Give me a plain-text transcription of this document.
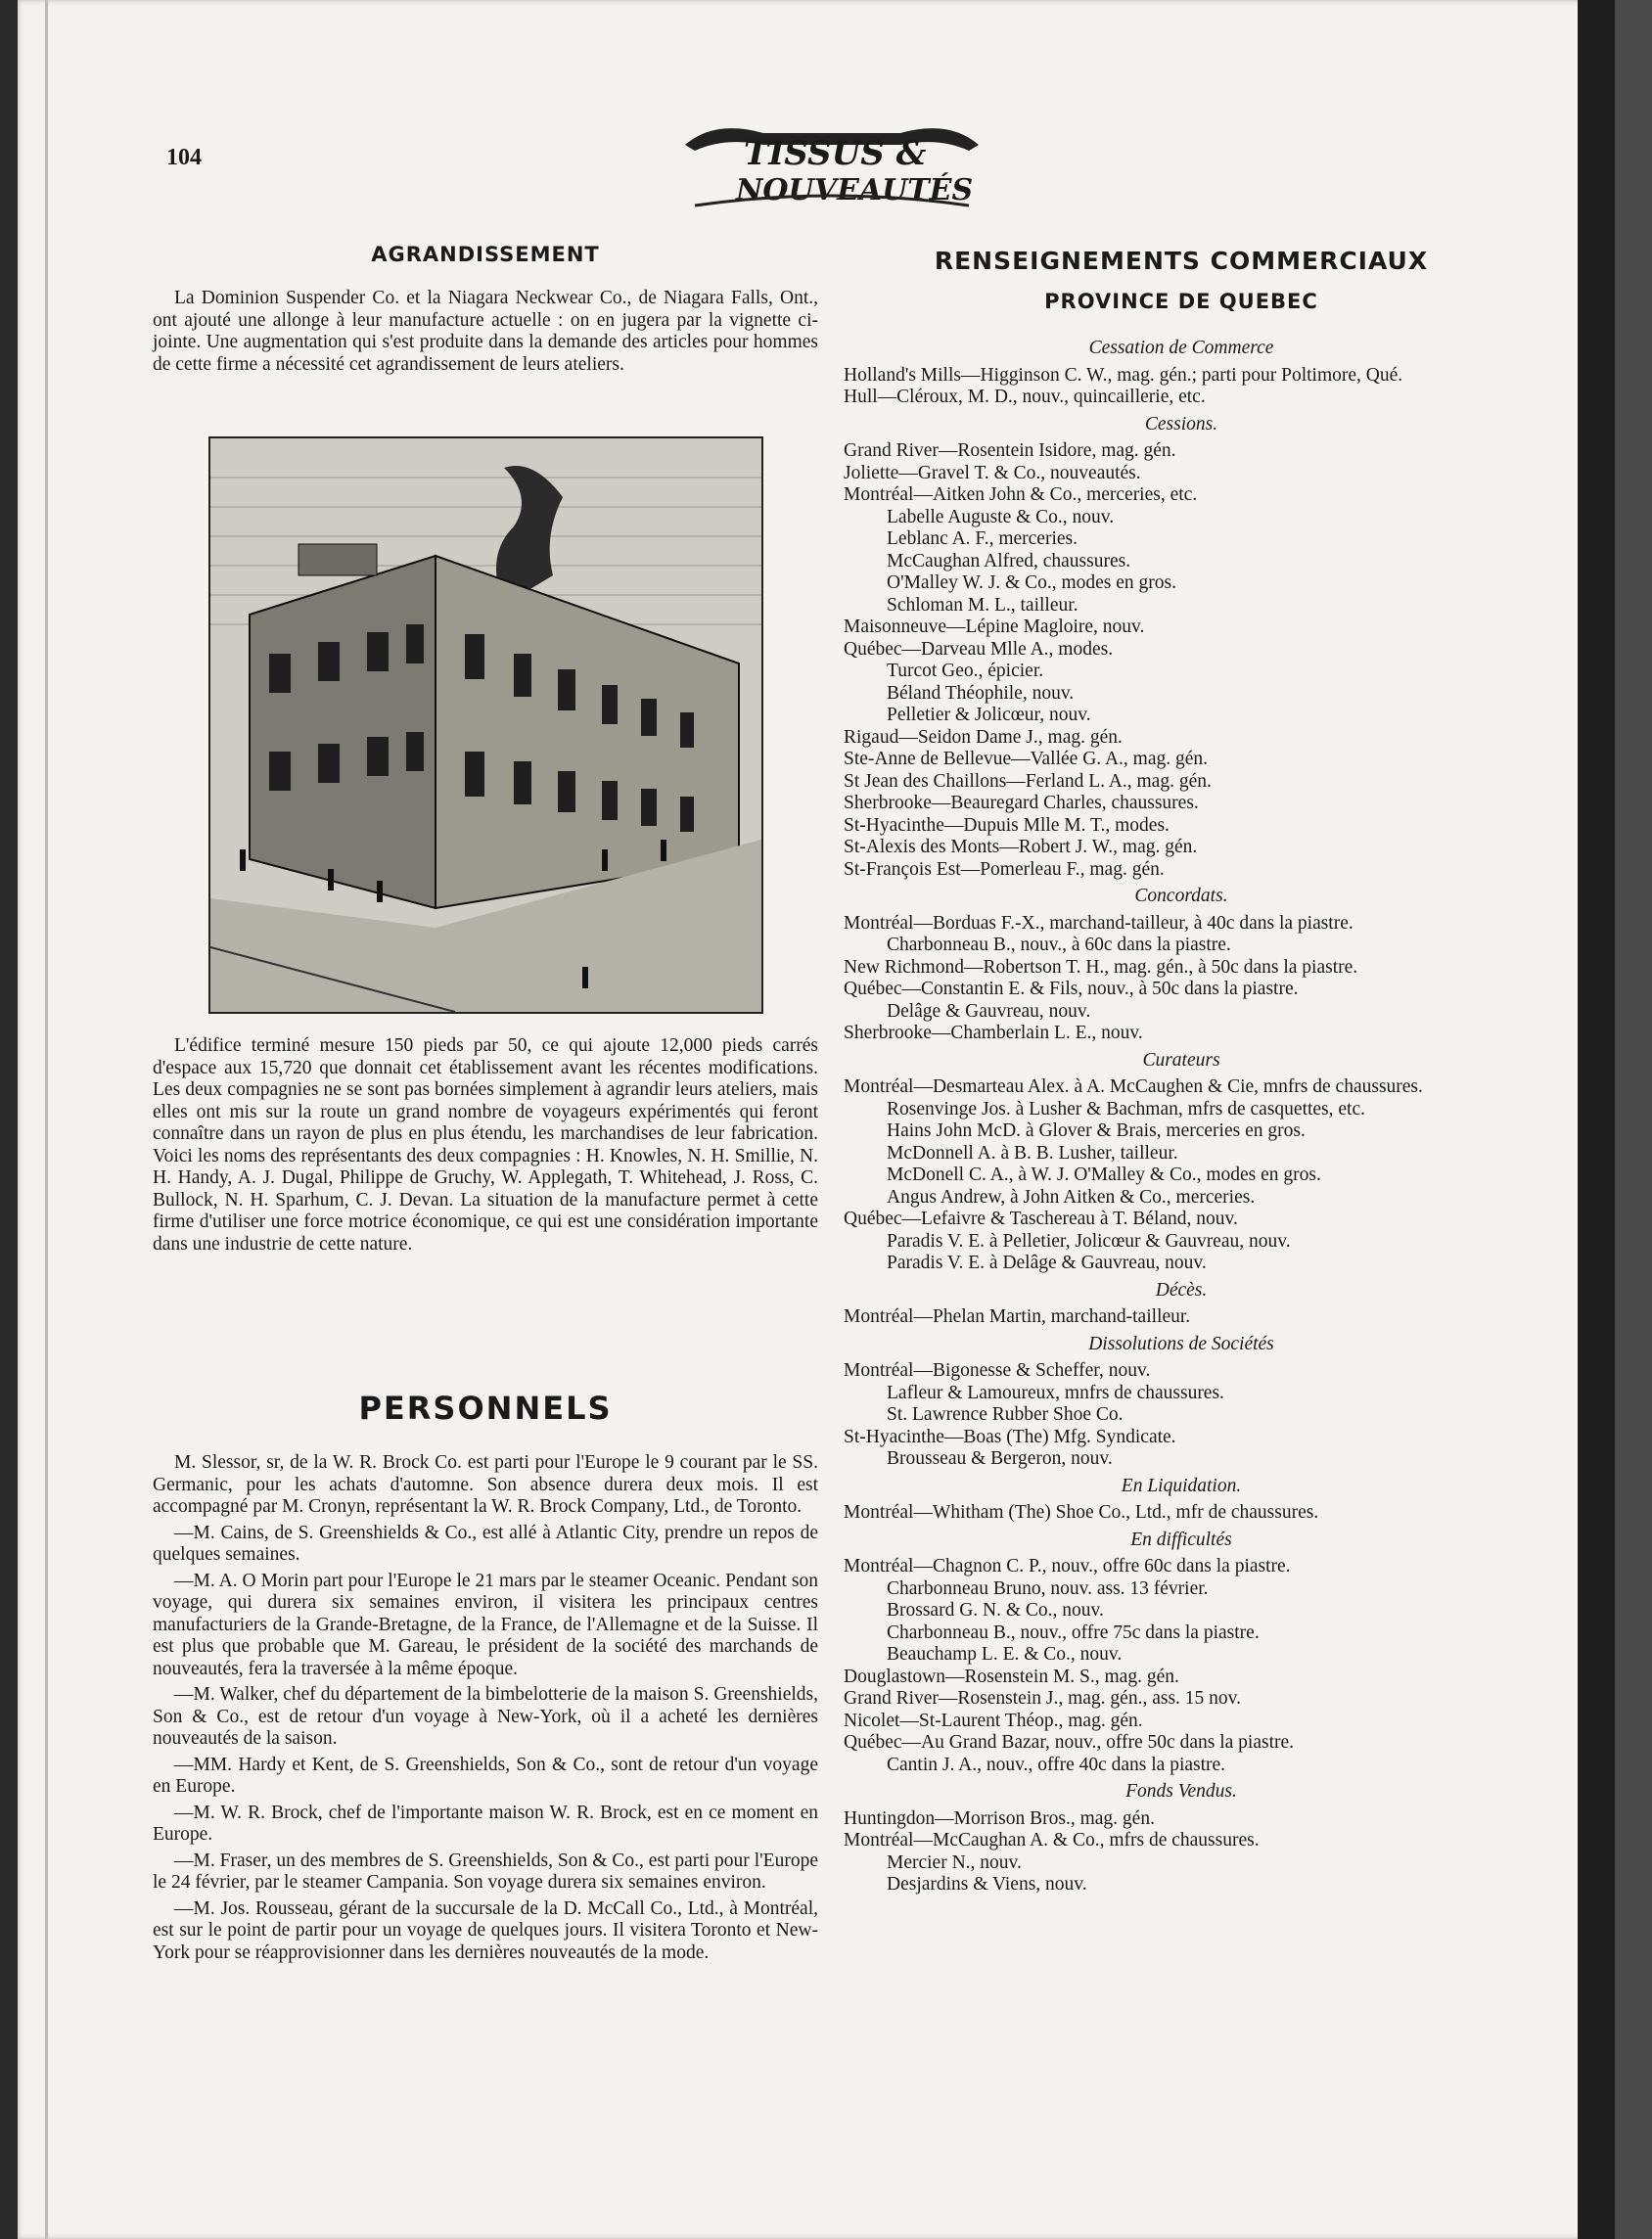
104	TISSUS &
NOUVEAUTÉS
AGRANDISSEMENT

La Dominion Suspender Co. et la Niagara Neckwear Co., de Niagara Falls, Ont., ont ajouté une allonge à leur manufacture actuelle : on en jugera par la vignette ci-jointe. Une augmentation qui s'est produite dans la demande des articles pour hommes de cette firme a nécessité cet agrandissement de leurs ateliers.

L'édifice terminé mesure 150 pieds par 50, ce qui ajoute 12,000 pieds carrés d'espace aux 15,720 que donnait cet établissement avant les récentes modifications. Les deux compagnies ne se sont pas bornées simplement à agrandir leurs ateliers, mais elles ont mis sur la route un grand nombre de voyageurs expérimentés qui feront connaître dans un rayon de plus en plus étendu, les marchandises de leur fabrication. Voici les noms des représentants des deux compagnies : H. Knowles, N. H. Smillie, N. H. Handy, A. J. Dugal, Philippe de Gruchy, W. Applegath, T. Whitehead, J. Ross, C. Bullock, N. H. Sparhum, C. J. Devan. La situation de la manufacture permet à cette firme d'utiliser une force motrice économique, ce qui est une considération importante dans une industrie de cette nature.

PERSONNELS

M. Slessor, sr, de la W. R. Brock Co. est parti pour l'Europe le 9 courant par le SS. Germanic, pour les achats d'automne. Son absence durera deux mois. Il est accompagné par M. Cronyn, représentant la W. R. Brock Company, Ltd., de Toronto.

—M. Cains, de S. Greenshields & Co., est allé à Atlantic City, prendre un repos de quelques semaines.

—M. A. O Morin part pour l'Europe le 21 mars par le steamer Oceanic. Pendant son voyage, qui durera six semaines environ, il visitera les principaux centres manufacturiers de la Grande-Bretagne, de la France, de l'Allemagne et de la Suisse. Il est plus que probable que M. Gareau, le président de la société des marchands de nouveautés, fera la traversée à la même époque.

—M. Walker, chef du département de la bimbelotterie de la maison S. Greenshields, Son & Co., est de retour d'un voyage à New-York, où il a acheté les dernières nouveautés de la saison.

—MM. Hardy et Kent, de S. Greenshields, Son & Co., sont de retour d'un voyage en Europe.

—M. W. R. Brock, chef de l'importante maison W. R. Brock, est en ce moment en Europe.

—M. Fraser, un des membres de S. Greenshields, Son & Co., est parti pour l'Europe le 24 février, par le steamer Campania. Son voyage durera six semaines environ.

—M. Jos. Rousseau, gérant de la succursale de la D. McCall Co., Ltd., à Montréal, est sur le point de partir pour un voyage de quelques jours. Il visitera Toronto et New-York pour se réapprovisionner dans les dernières nouveautés de la mode.

RENSEIGNEMENTS COMMERCIAUX
PROVINCE DE QUEBEC
Cessation de Commerce
Holland's Mills—Higginson C. W., mag. gén.; parti pour Poltimore, Qué.
Hull—Cléroux, M. D., nouv., quincaillerie, etc.
Cessions.
Grand River—Rosentein Isidore, mag. gén.
Joliette—Gravel T. & Co., nouveautés.
Montréal—Aitken John & Co., merceries, etc.
Labelle Auguste & Co., nouv.
Leblanc A. F., merceries.
McCaughan Alfred, chaussures.
O'Malley W. J. & Co., modes en gros.
Schloman M. L., tailleur.
Maisonneuve—Lépine Magloire, nouv.
Québec—Darveau Mlle A., modes.
Turcot Geo., épicier.
Béland Théophile, nouv.
Pelletier & Jolicœur, nouv.
Rigaud—Seidon Dame J., mag. gén.
Ste-Anne de Bellevue—Vallée G. A., mag. gén.
St Jean des Chaillons—Ferland L. A., mag. gén.
Sherbrooke—Beauregard Charles, chaussures.
St-Hyacinthe—Dupuis Mlle M. T., modes.
St-Alexis des Monts—Robert J. W., mag. gén.
St-François Est—Pomerleau F., mag. gén.
Concordats.
Montréal—Borduas F.-X., marchand-tailleur, à 40c dans la piastre.
Charbonneau B., nouv., à 60c dans la piastre.
New Richmond—Robertson T. H., mag. gén., à 50c dans la piastre.
Québec—Constantin E. & Fils, nouv., à 50c dans la piastre.
Delâge & Gauvreau, nouv.
Sherbrooke—Chamberlain L. E., nouv.
Curateurs
Montréal—Desmarteau Alex. à A. McCaughen & Cie, mnfrs de chaussures.
Rosenvinge Jos. à Lusher & Bachman, mfrs de casquettes, etc.
Hains John McD. à Glover & Brais, merceries en gros.
McDonnell A. à B. B. Lusher, tailleur.
McDonell C. A., à W. J. O'Malley & Co., modes en gros.
Angus Andrew, à John Aitken & Co., merceries.
Québec—Lefaivre & Taschereau à T. Béland, nouv.
Paradis V. E. à Pelletier, Jolicœur & Gauvreau, nouv.
Paradis V. E. à Delâge & Gauvreau, nouv.
Décès.
Montréal—Phelan Martin, marchand-tailleur.
Dissolutions de Sociétés
Montréal—Bigonesse & Scheffer, nouv.
Lafleur & Lamoureux, mnfrs de chaussures.
St. Lawrence Rubber Shoe Co.
St-Hyacinthe—Boas (The) Mfg. Syndicate.
Brousseau & Bergeron, nouv.
En Liquidation.
Montréal—Whitham (The) Shoe Co., Ltd., mfr de chaussures.
En difficultés
Montréal—Chagnon C. P., nouv., offre 60c dans la piastre.
Charbonneau Bruno, nouv. ass. 13 février.
Brossard G. N. & Co., nouv.
Charbonneau B., nouv., offre 75c dans la piastre.
Beauchamp L. E. & Co., nouv.
Douglastown—Rosenstein M. S., mag. gén.
Grand River—Rosenstein J., mag. gén., ass. 15 nov.
Nicolet—St-Laurent Théop., mag. gén.
Québec—Au Grand Bazar, nouv., offre 50c dans la piastre.
Cantin J. A., nouv., offre 40c dans la piastre.
Fonds Vendus.
Huntingdon—Morrison Bros., mag. gén.
Montréal—McCaughan A. & Co., mfrs de chaussures.
Mercier N., nouv.
Desjardins & Viens, nouv.
